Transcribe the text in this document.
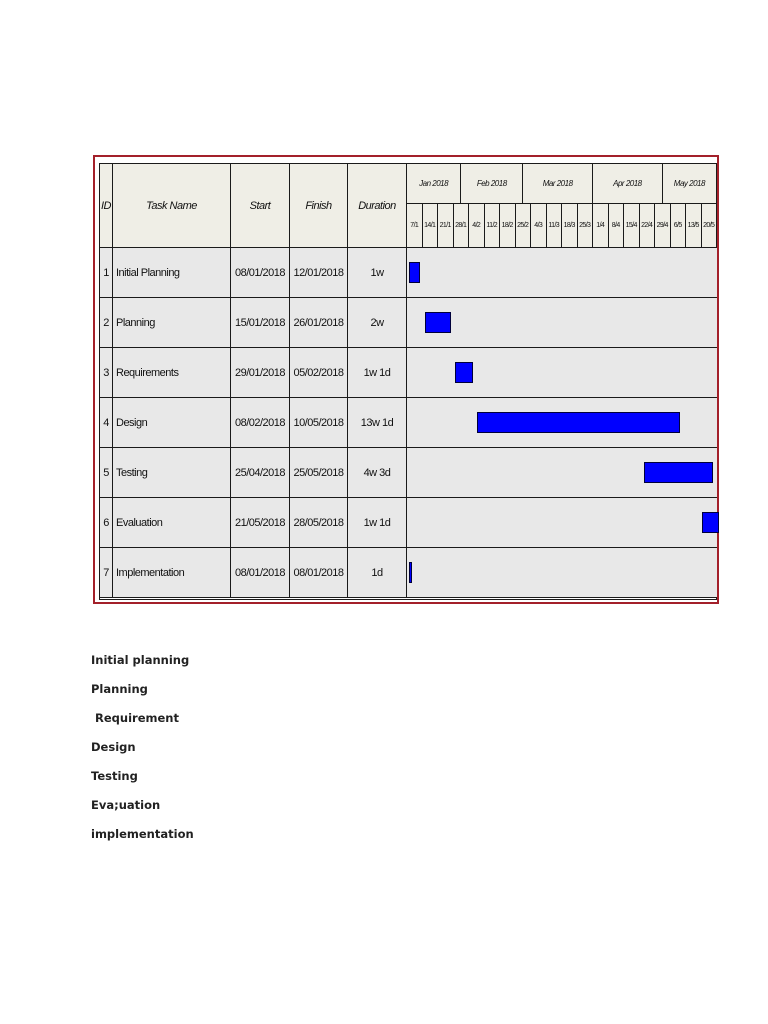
ID	Task Name	Start	Finish	Duration
7/1 14/1 21/1 28/1 4/2 11/2 18/2 25/2 4/3 11/3 18/3 25/3 1/4	8/4 15/4 22/4 29/4 6/5 13/5 20/5
Jan 2018	Feb 2018	Mar 2018	Apr 2018	May 2018
1 Initial Planning	08/01/2018 12/01/2018	1w
2 Planning	15/01/2018 26/01/2018	2w
3 Requirements	29/01/2018 05/02/2018	1w 1d
4 Design	08/02/2018 10/05/2018	13w 1d
5 Testing	25/04/2018 25/05/2018	4w 3d
6 Evaluation	21/05/2018 28/05/2018	1w 1d
7 Implementation	08/01/2018 08/01/2018	1d
Initial planning
Planning
Requirement
Design
Testing
Eva;uation
implementation
